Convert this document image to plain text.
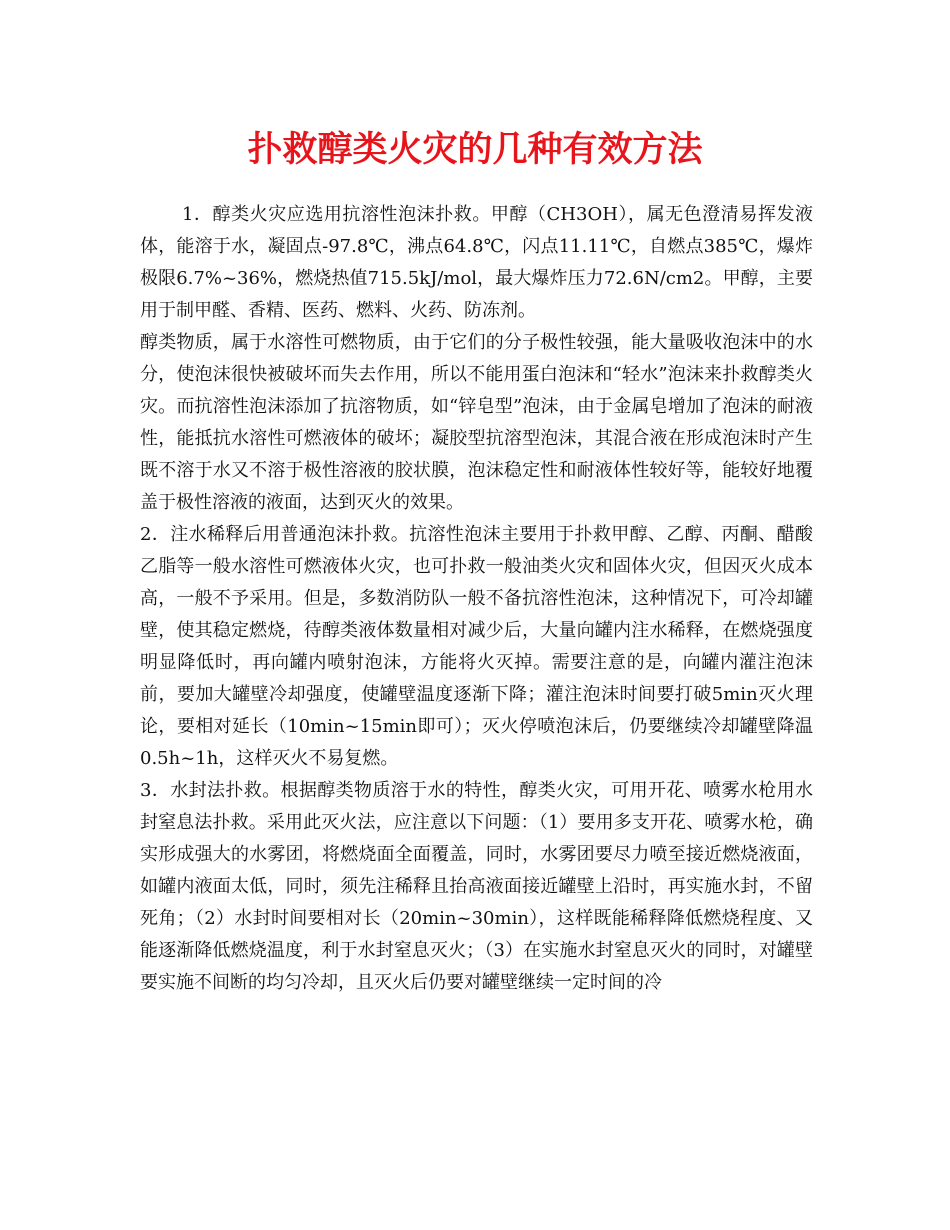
扑救醇类火灾的几种有效方法

1．醇类火灾应选用抗溶性泡沫扑救。甲醇（CH3OH），属无色澄清易挥发液体，能溶于水，凝固点-97.8℃，沸点64.8℃，闪点11.11℃，自燃点385℃，爆炸极限6.7%~36%，燃烧热值715.5kJ/mol，最大爆炸压力72.6N/cm2。甲醇，主要用于制甲醛、香精、医药、燃料、火药、防冻剂。

醇类物质，属于水溶性可燃物质，由于它们的分子极性较强，能大量吸收泡沫中的水分，使泡沫很快被破坏而失去作用，所以不能用蛋白泡沫和“轻水”泡沫来扑救醇类火灾。而抗溶性泡沫添加了抗溶物质，如“锌皂型”泡沫，由于金属皂增加了泡沫的耐液性，能抵抗水溶性可燃液体的破坏；凝胶型抗溶型泡沫，其混合液在形成泡沫时产生既不溶于水又不溶于极性溶液的胶状膜，泡沫稳定性和耐液体性较好等，能较好地覆盖于极性溶液的液面，达到灭火的效果。

2．注水稀释后用普通泡沫扑救。抗溶性泡沫主要用于扑救甲醇、乙醇、丙酮、醋酸乙脂等一般水溶性可燃液体火灾，也可扑救一般油类火灾和固体火灾，但因灭火成本高，一般不予采用。但是，多数消防队一般不备抗溶性泡沫，这种情况下，可冷却罐壁，使其稳定燃烧，待醇类液体数量相对减少后，大量向罐内注水稀释，在燃烧强度明显降低时，再向罐内喷射泡沫，方能将火灭掉。需要注意的是，向罐内灌注泡沫前，要加大罐壁冷却强度，使罐壁温度逐渐下降；灌注泡沫时间要打破5min灭火理论，要相对延长（10min~15min即可）；灭火停喷泡沫后，仍要继续冷却罐壁降温0.5h~1h，这样灭火不易复燃。

3．水封法扑救。根据醇类物质溶于水的特性，醇类火灾，可用开花、喷雾水枪用水封窒息法扑救。采用此灭火法，应注意以下问题：（1）要用多支开花、喷雾水枪，确实形成强大的水雾团，将燃烧面全面覆盖，同时，水雾团要尽力喷至接近燃烧液面，如罐内液面太低，同时，须先注稀释且抬高液面接近罐壁上沿时，再实施水封，不留死角；（2）水封时间要相对长（20min~30min），这样既能稀释降低燃烧程度、又能逐渐降低燃烧温度，利于水封窒息灭火；（3）在实施水封窒息灭火的同时，对罐壁要实施不间断的均匀冷却，且灭火后仍要对罐壁继续一定时间的冷
